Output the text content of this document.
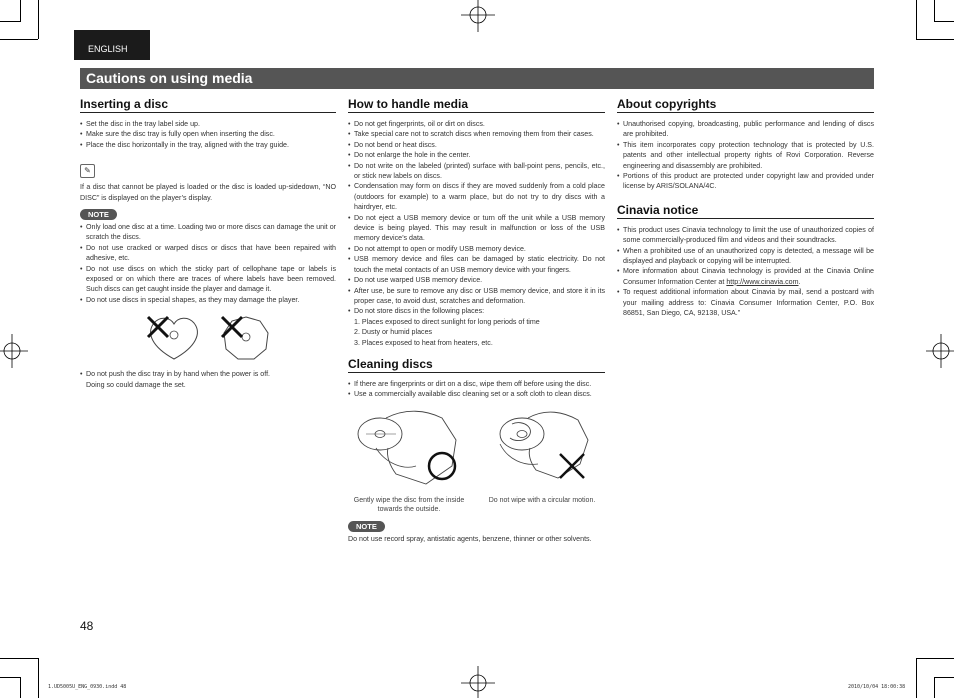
ENGLISH
Cautions on using media
Inserting a disc
• Set the disc in the tray label side up.
• Make sure the disc tray is fully open when inserting the disc.
• Place the disc horizontally in the tray, aligned with the tray guide.
✎

If a disc that cannot be played is loaded or the disc is loaded up-sidedown, “NO DISC” is displayed on the player’s display.

NOTE
• Only load one disc at a time. Loading two or more discs can damage the unit or scratch the discs.
• Do not use cracked or warped discs or discs that have been repaired with adhesive, etc.
• Do not use discs on which the sticky part of cellophane tape or labels is exposed or on which there are traces of where labels have been removed. Such discs can get caught inside the player and damage it.
• Do not use discs in special shapes, as they may damage the player.
• Do not push the disc tray in by hand when the power is off.
Doing so could damage the set.
How to handle media
• Do not get fingerprints, oil or dirt on discs.
• Take special care not to scratch discs when removing them from their cases.
• Do not bend or heat discs.
• Do not enlarge the hole in the center.
• Do not write on the labeled (printed) surface with ball-point pens, pencils, etc., or stick new labels on discs.
• Condensation may form on discs if they are moved suddenly from a cold place (outdoors for example) to a warm place, but do not try to dry discs with a hairdryer, etc.
• Do not eject a USB memory device or turn off the unit while a USB memory device is being played. This may result in malfunction or loss of the USB memory device’s data.
• Do not attempt to open or modify USB memory device.
• USB memory device and files can be damaged by static electricity. Do not touch the metal contacts of an USB memory device with your fingers.
• Do not use warped USB memory device.
• After use, be sure to remove any disc or USB memory device, and store it in its proper case, to avoid dust, scratches and deformation.
• Do not store discs in the following places:
1. Places exposed to direct sunlight for long periods of time
2. Dusty or humid places
3. Places exposed to heat from heaters, etc.
Cleaning discs
• If there are fingerprints or dirt on a disc, wipe them off before using the disc.
• Use a commercially available disc cleaning set or a soft cloth to clean discs.
Gently wipe the disc from the inside towards the outside.
Do not wipe with a circular motion.
NOTE

Do not use record spray, antistatic agents, benzene, thinner or other solvents.

About copyrights
• Unauthorised copying, broadcasting, public performance and lending of discs are prohibited.
• This item incorporates copy protection technology that is protected by U.S. patents and other intellectual property rights of Rovi Corporation. Reverse engineering and disassembly are prohibited.
• Portions of this product are protected under copyright law and provided under license by ARIS/SOLANA/4C.
Cinavia notice
• This product uses Cinavia technology to limit the use of unauthorized copies of some commercially-produced film and videos and their soundtracks.
• When a prohibited use of an unauthorized copy is detected, a message will be displayed and playback or copying will be interrupted.
• More information about Cinavia technology is provided at the Cinavia Online Consumer Information Center at http://www.cinavia.com.
• To request additional information about Cinavia by mail, send a postcard with your mailing address to: Cinavia Consumer Information Center, P.O. Box 86851, San Diego, CA, 92138, USA.”
48
1.UD5005U_ENG_0930.indd 48	2010/10/04 18:00:38
